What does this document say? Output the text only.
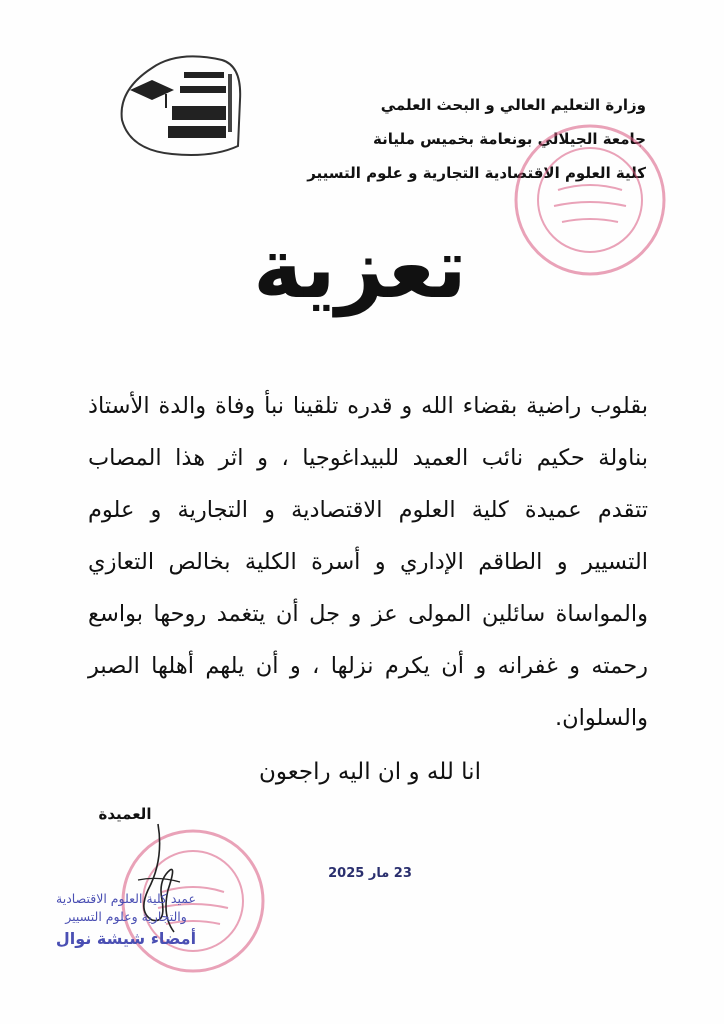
وزارة التعليم العالي و البحث العلمي
جامعة الجيلالي بونعامة بخميس مليانة
كلية العلوم الاقتصادية التجارية و علوم التسيير
تعزية
بقلوب راضية بقضاء الله و قدره تلقينا نبأ وفاة والدة الأستاذ
بناولة حكيم نائب العميد للبيداغوجيا ، و اثر هذا المصاب
تتقدم عميدة كلية العلوم الاقتصادية و التجارية و علوم
التسيير و الطاقم الإداري و أسرة الكلية بخالص التعازي
والمواساة سائلين المولى عز و جل أن يتغمد روحها بواسع
رحمته و غفرانه و أن يكرم نزلها ، و أن يلهم أهلها الصبر
والسلوان.
انا لله و ان اليه راجعون
العميدة
23 مار 2025
عميد كلية العلوم الاقتصادية
والتجارية وعلوم التسيير
أمضاء شيشة نوال
